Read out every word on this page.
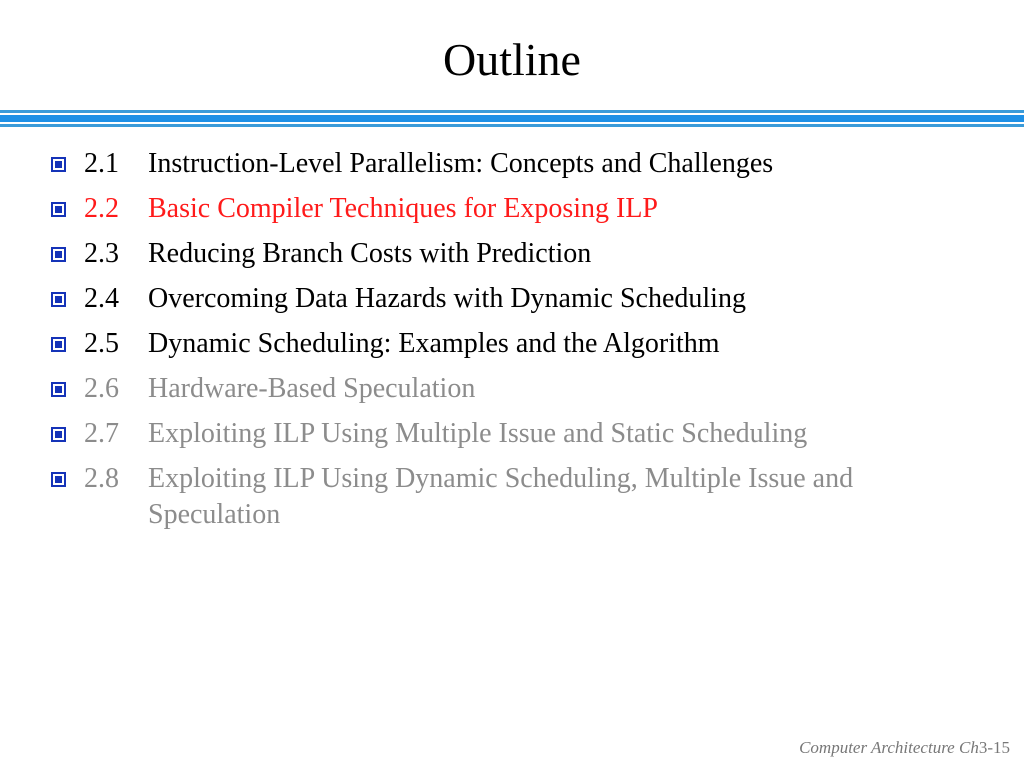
Outline
2.1 Instruction-Level Parallelism: Concepts and Challenges
2.2 Basic Compiler Techniques for Exposing ILP
2.3 Reducing Branch Costs with Prediction
2.4 Overcoming Data Hazards with Dynamic Scheduling
2.5 Dynamic Scheduling: Examples and the Algorithm
2.6 Hardware-Based Speculation
2.7 Exploiting ILP Using Multiple Issue and Static Scheduling
2.8 Exploiting ILP Using Dynamic Scheduling, Multiple Issue and Speculation
Computer Architecture Ch3-15
